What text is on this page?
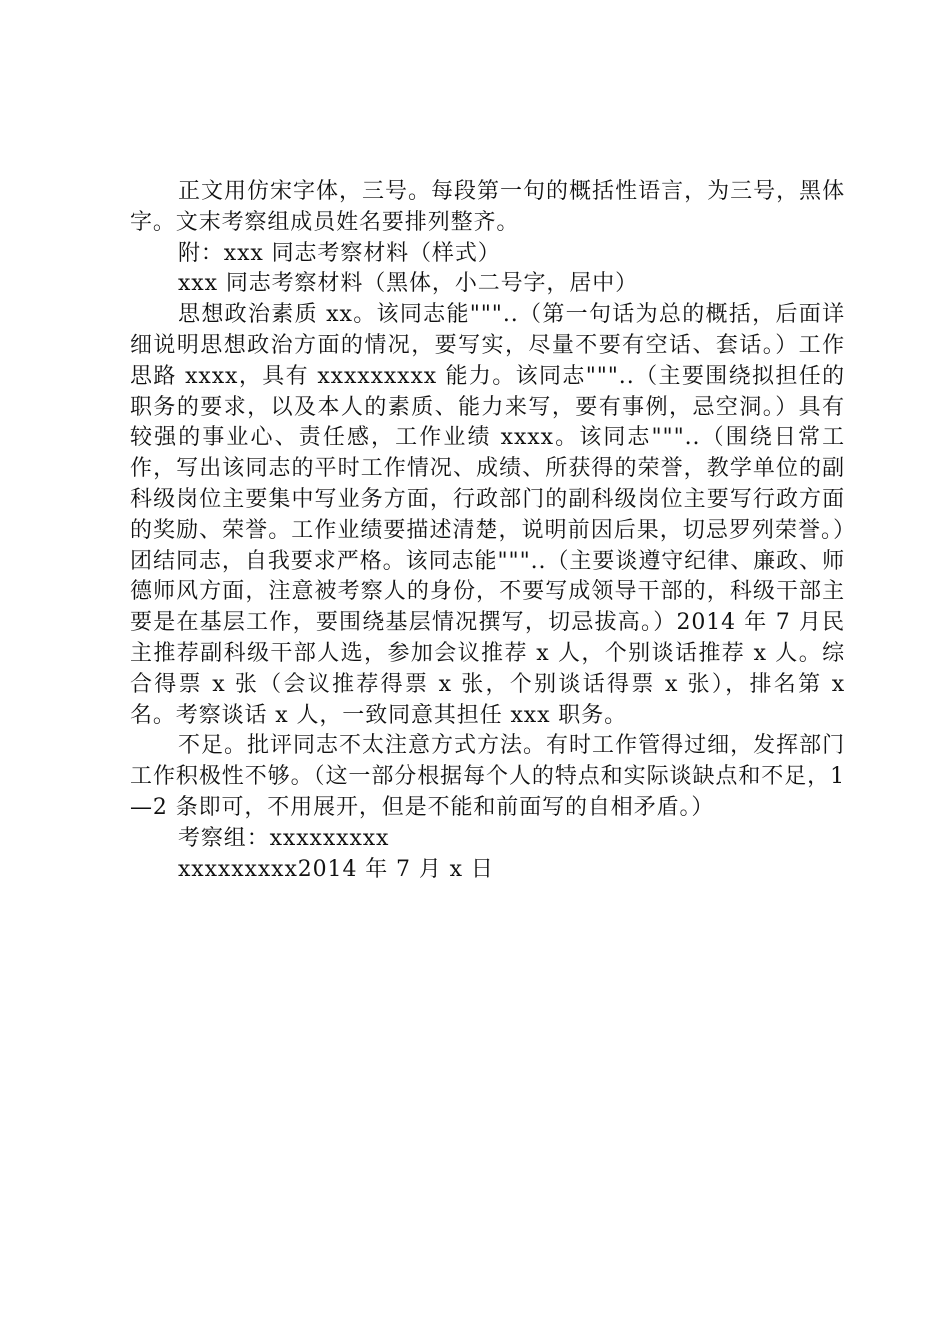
正文用仿宋字体，三号。每段第一句的概括性语言，为三号，黑体字。文末考察组成员姓名要排列整齐。

附：xxx 同志考察材料（样式）

xxx 同志考察材料（黑体，小二号字，居中）

思想政治素质 xx。该同志能"""..（第一句话为总的概括，后面详细说明思想政治方面的情况，要写实，尽量不要有空话、套话。）工作思路 xxxx，具有 xxxxxxxxx 能力。该同志"""..（主要围绕拟担任的职务的要求，以及本人的素质、能力来写，要有事例，忌空洞。）具有较强的事业心、责任感，工作业绩 xxxx。该同志"""..（围绕日常工作，写出该同志的平时工作情况、成绩、所获得的荣誉，教学单位的副科级岗位主要集中写业务方面，行政部门的副科级岗位主要写行政方面的奖励、荣誉。工作业绩要描述清楚，说明前因后果，切忌罗列荣誉。）团结同志，自我要求严格。该同志能"""..（主要谈遵守纪律、廉政、师德师风方面，注意被考察人的身份，不要写成领导干部的，科级干部主要是在基层工作，要围绕基层情况撰写，切忌拔高。）2014 年 7 月民主推荐副科级干部人选，参加会议推荐 x 人，个别谈话推荐 x 人。综合得票 x 张（会议推荐得票 x 张，个别谈话得票 x 张），排名第 x 名。考察谈话 x 人，一致同意其担任 xxx 职务。

不足。批评同志不太注意方式方法。有时工作管得过细，发挥部门工作积极性不够。（这一部分根据每个人的特点和实际谈缺点和不足，1—2 条即可，不用展开，但是不能和前面写的自相矛盾。）

考察组：xxxxxxxxx

xxxxxxxxx2014 年 7 月 x 日
